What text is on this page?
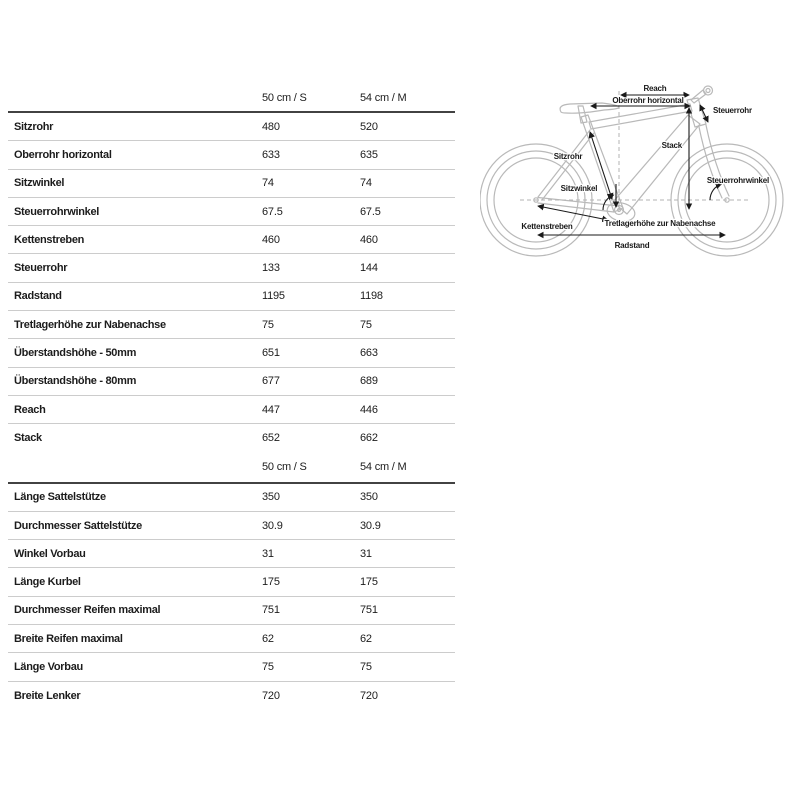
50 cm / S	54 cm / M
Sitzrohr	480	520
Oberrohr horizontal	633	635
Sitzwinkel	74	74
Steuerrohrwinkel	67.5	67.5
Kettenstreben	460	460
Steuerrohr	133	144
Radstand	1195	1198
Tretlagerhöhe zur Nabenachse	75	75
Überstandshöhe - 50mm	651	663
Überstandshöhe - 80mm	677	689
Reach	447	446
Stack	652	662
50 cm / S	54 cm / M
Länge Sattelstütze	350	350
Durchmesser Sattelstütze	30.9	30.9
Winkel Vorbau	31	31
Länge Kurbel	175	175
Durchmesser Reifen maximal	751	751
Breite Reifen maximal	62	62
Länge Vorbau	75	75
Breite Lenker	720	720
Reach
Oberrohr horizontal
Steuerrohr
Stack
Sitzrohr
Sitzwinkel
Steuerrohrwinkel
Kettenstreben	Tretlagerhöhe zur Nabenachse
Radstand
